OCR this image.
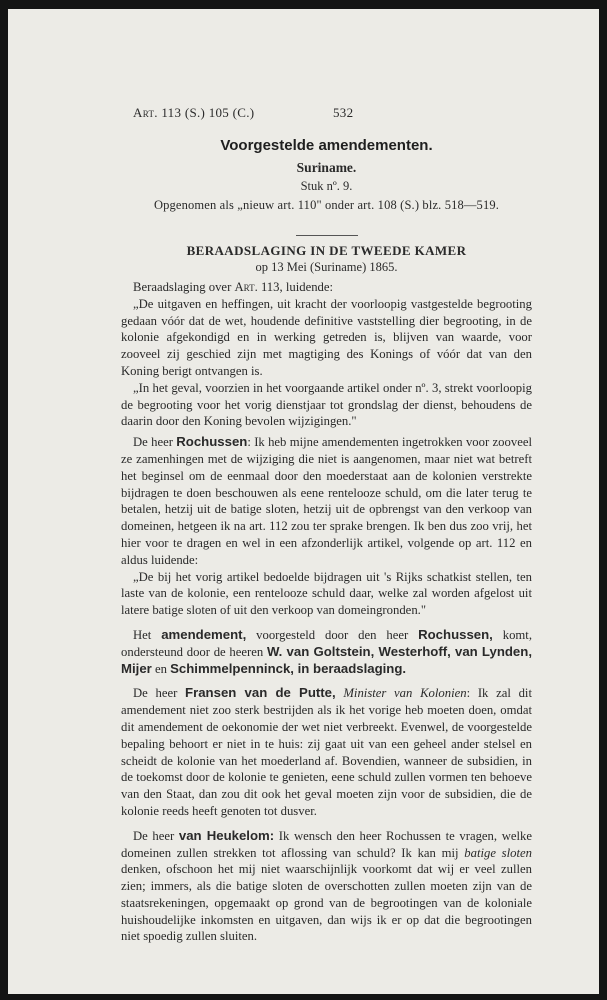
Art. 113 (S.) 105 (C.)	532
Voorgestelde amendementen.
Suriname.
Stuk nº. 9.
Opgenomen als „nieuw art. 110" onder art. 108 (S.) blz. 518—519.
BERAADSLAGING IN DE TWEEDE KAMER
op 13 Mei (Suriname) 1865.

Beraadslaging over Art. 113, luidende:

„De uitgaven en heffingen, uit kracht der voorloopig vastgestelde begrooting gedaan vóór dat de wet, houdende definitive vaststelling dier begrooting, in de kolonie afgekondigd en in werking getreden is, blijven van waarde, voor zooveel zij geschied zijn met magtiging des Konings of vóór dat van den Koning berigt ontvangen is.

„In het geval, voorzien in het voorgaande artikel onder nº. 3, strekt voorloopig de begrooting voor het vorig dienstjaar tot grondslag der dienst, behoudens de daarin door den Koning bevolen wijzigingen."

De heer Rochussen: Ik heb mijne amendementen ingetrokken voor zooveel ze zamenhingen met de wijziging die niet is aangenomen, maar niet wat betreft het beginsel om de eenmaal door den moederstaat aan de kolonien verstrekte bijdragen te doen beschouwen als eene rentelooze schuld, om die later terug te betalen, hetzij uit de batige sloten, hetzij uit de opbrengst van den verkoop van domeinen, hetgeen ik na art. 112 zou ter sprake brengen. Ik ben dus zoo vrij, het hier voor te dragen en wel in een afzonderlijk artikel, volgende op art. 112 en aldus luidende:

„De bij het vorig artikel bedoelde bijdragen uit 's Rijks schatkist stellen, ten laste van de kolonie, een rentelooze schuld daar, welke zal worden afgelost uit latere batige sloten of uit den verkoop van domeingronden."

Het amendement, voorgesteld door den heer Rochussen, komt, ondersteund door de heeren W. van Goltstein, Westerhoff, van Lynden, Mijer en Schimmelpenninck, in beraadslaging.

De heer Fransen van de Putte, Minister van Kolonien: Ik zal dit amendement niet zoo sterk bestrijden als ik het vorige heb moeten doen, omdat dit amendement de oekonomie der wet niet verbreekt. Evenwel, de voorgestelde bepaling behoort er niet in te huis: zij gaat uit van een geheel ander stelsel en scheidt de kolonie van het moederland af. Bovendien, wanneer de subsidien, in de toekomst door de kolonie te genieten, eene schuld zullen vormen ten behoeve van den Staat, dan zou dit ook het geval moeten zijn voor de subsidien, die de kolonie reeds heeft genoten tot dusver.

De heer van Heukelom: Ik wensch den heer Rochussen te vragen, welke domeinen zullen strekken tot aflossing van schuld? Ik kan mij batige sloten denken, ofschoon het mij niet waarschijnlijk voorkomt dat wij er veel zullen zien; immers, als die batige sloten de overschotten zullen moeten zijn van de staatsrekeningen, opgemaakt op grond van de begrootingen van de koloniale huishoudelijke inkomsten en uitgaven, dan wijs ik er op dat die begrootingen niet spoedig zullen sluiten.
